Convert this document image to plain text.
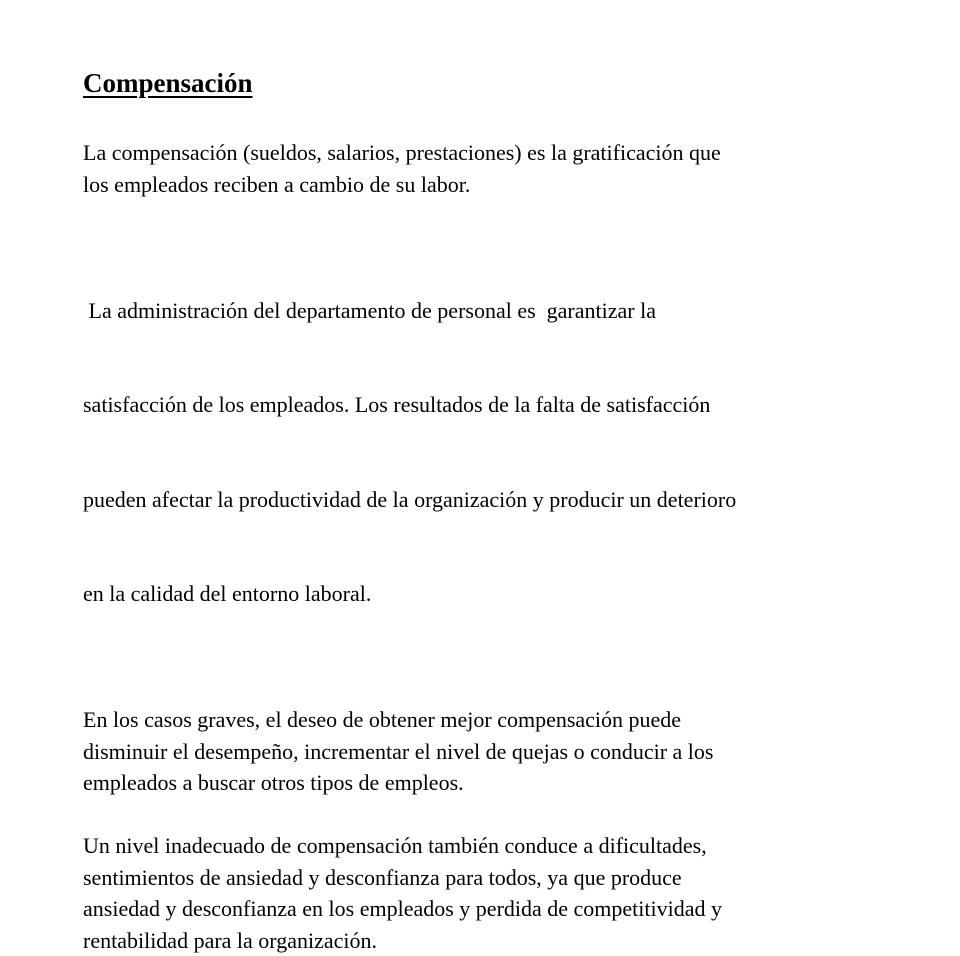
Compensación

La compensación (sueldos, salarios, prestaciones) es la gratificación que
los empleados reciben a cambio de su labor.

La administración del departamento de personal es  garantizar la

satisfacción de los empleados. Los resultados de la falta de satisfacción

pueden afectar la productividad de la organización y producir un deterioro

en la calidad del entorno laboral.

En los casos graves, el deseo de obtener mejor compensación puede
disminuir el desempeño, incrementar el nivel de quejas o conducir a los
empleados a buscar otros tipos de empleos.

Un nivel inadecuado de compensación también conduce a dificultades,
sentimientos de ansiedad y desconfianza para todos, ya que produce
ansiedad y desconfianza en los empleados y perdida de competitividad y
rentabilidad para la organización.
